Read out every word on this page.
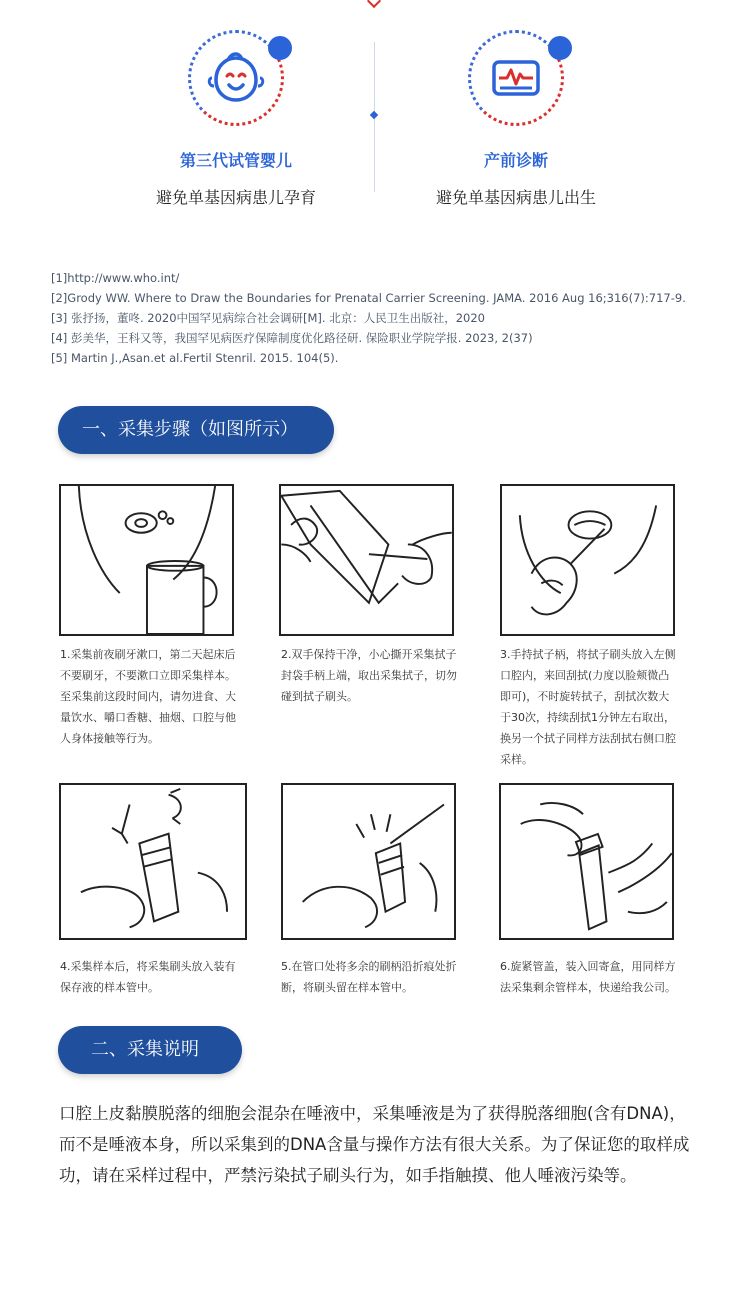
第三代试管婴儿
避免单基因病患儿孕育
产前诊断
避免单基因病患儿出生
[1]http://www.who.int/
[2]Grody WW. Where to Draw the Boundaries for Prenatal Carrier Screening. JAMA. 2016 Aug 16;316(7):717-9.
[3] 张抒扬，董咚. 2020中国罕见病综合社会调研[M]. 北京：人民卫生出版社，2020
[4] 彭美华，王科又等，我国罕见病医疗保障制度优化路径研. 保险职业学院学报. 2023, 2(37)
[5] Martin J.,Asan.et al.Fertil Stenril. 2015. 104(5).
一、采集步骤（如图所示）
1.采集前夜刷牙漱口，第二天起床后不要刷牙，不要漱口立即采集样本。至采集前这段时间内，请勿进食、大量饮水、嚼口香糖、抽烟、口腔与他人身体接触等行为。
2.双手保持干净，小心撕开采集拭子封袋手柄上端，取出采集拭子，切勿碰到拭子刷头。
3.手持拭子柄，将拭子刷头放入左侧口腔内，来回刮拭(力度以脸颊微凸即可)，不时旋转拭子，刮拭次数大于30次，持续刮拭1分钟左右取出，换另一个拭子同样方法刮拭右侧口腔采样。
4.采集样本后，将采集刷头放入装有保存液的样本管中。
5.在管口处将多余的刷柄沿折痕处折断，将刷头留在样本管中。
6.旋紧管盖，装入回寄盒，用同样方法采集剩余管样本，快递给我公司。
二、采集说明
口腔上皮黏膜脱落的细胞会混杂在唾液中，采集唾液是为了获得脱落细胞(含有DNA)，而不是唾液本身，所以采集到的DNA含量与操作方法有很大关系。为了保证您的取样成功，请在采样过程中，严禁污染拭子刷头行为，如手指触摸、他人唾液污染等。
